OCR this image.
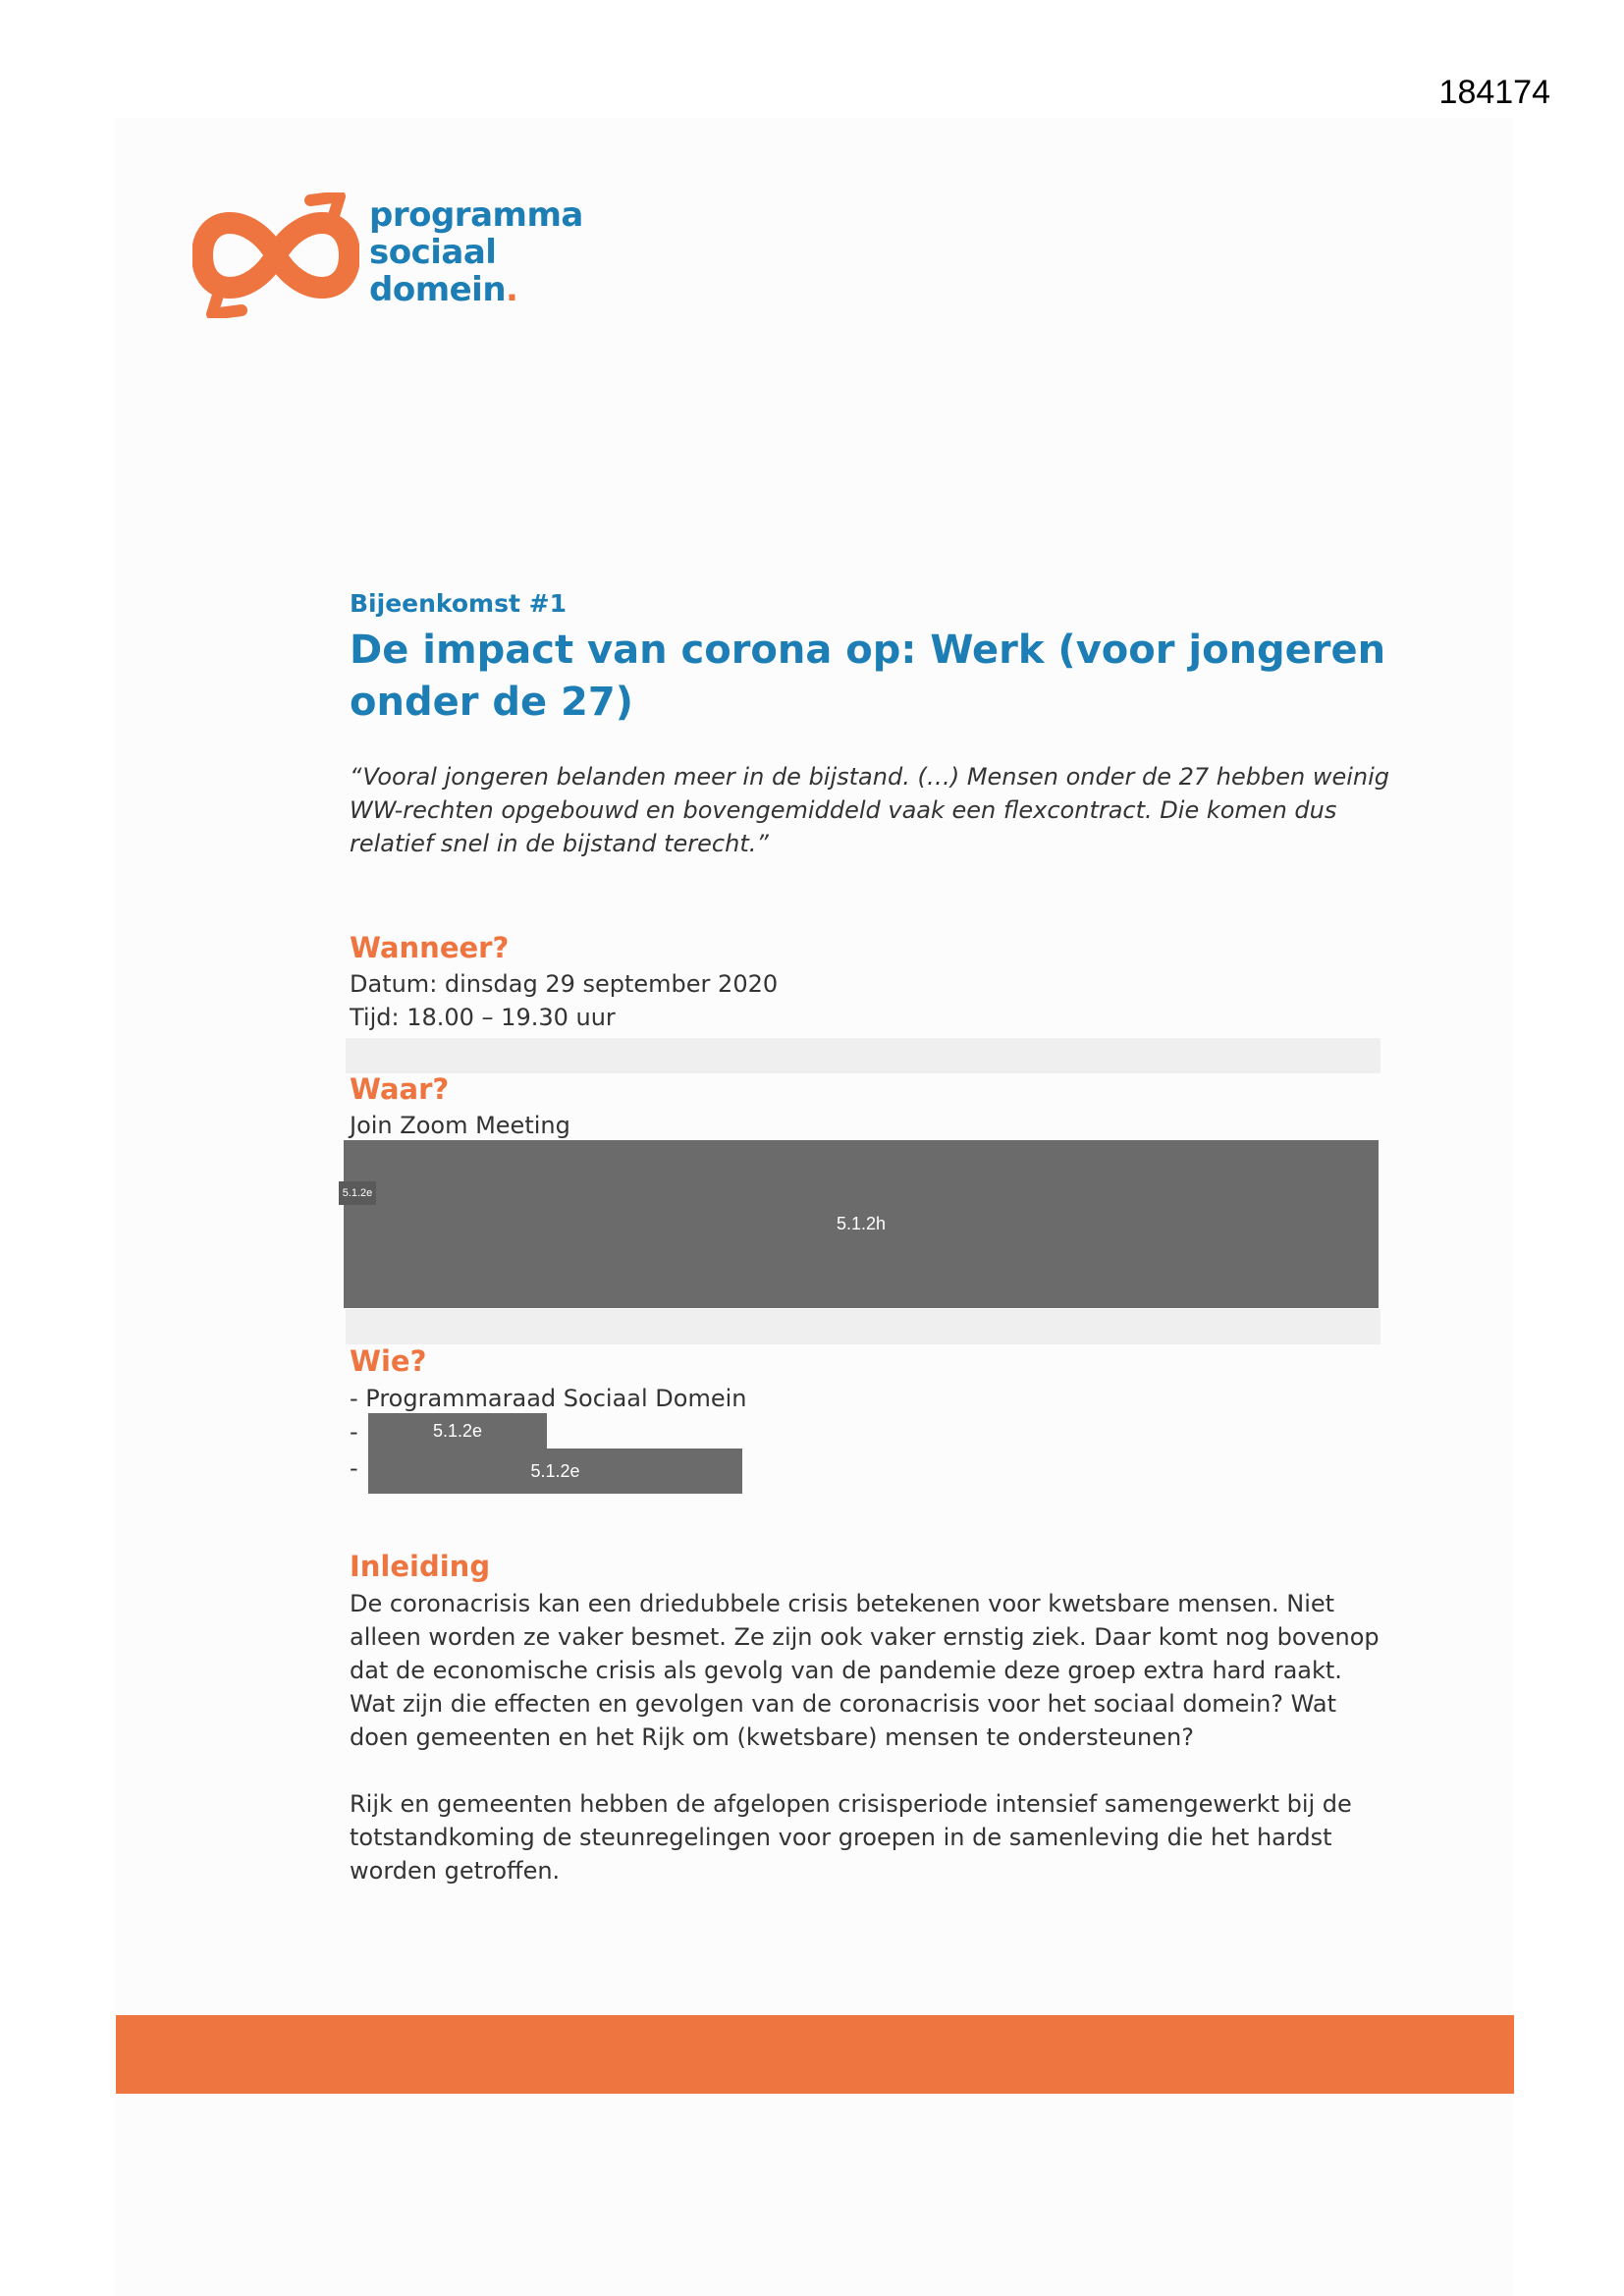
184174
programma
sociaal
domein.
Bijeenkomst #1
De impact van corona op: Werk (voor jongeren onder de 27)
“Vooral jongeren belanden meer in de bijstand. (…) Mensen onder de 27 hebben weinig WW-rechten opgebouwd en bovengemiddeld vaak een flexcontract. Die komen dus relatief snel in de bijstand terecht.”
Wanneer?
Datum: dinsdag 29 september 2020
Tijd: 18.00 – 19.30 uur
Waar?
Join Zoom Meeting
5.1.2h
5.1.2e
Wie?
- Programmaraad Sociaal Domein
-	5.1.2e
-	5.1.2e
Inleiding
De coronacrisis kan een driedubbele crisis betekenen voor kwetsbare mensen. Niet alleen worden ze vaker besmet. Ze zijn ook vaker ernstig ziek. Daar komt nog bovenop dat de economische crisis als gevolg van de pandemie deze groep extra hard raakt. Wat zijn die effecten en gevolgen van de coronacrisis voor het sociaal domein? Wat doen gemeenten en het Rijk om (kwetsbare) mensen te ondersteunen?
Rijk en gemeenten hebben de afgelopen crisisperiode intensief samengewerkt bij de totstandkoming de steunregelingen voor groepen in de samenleving die het hardst worden getroffen.
